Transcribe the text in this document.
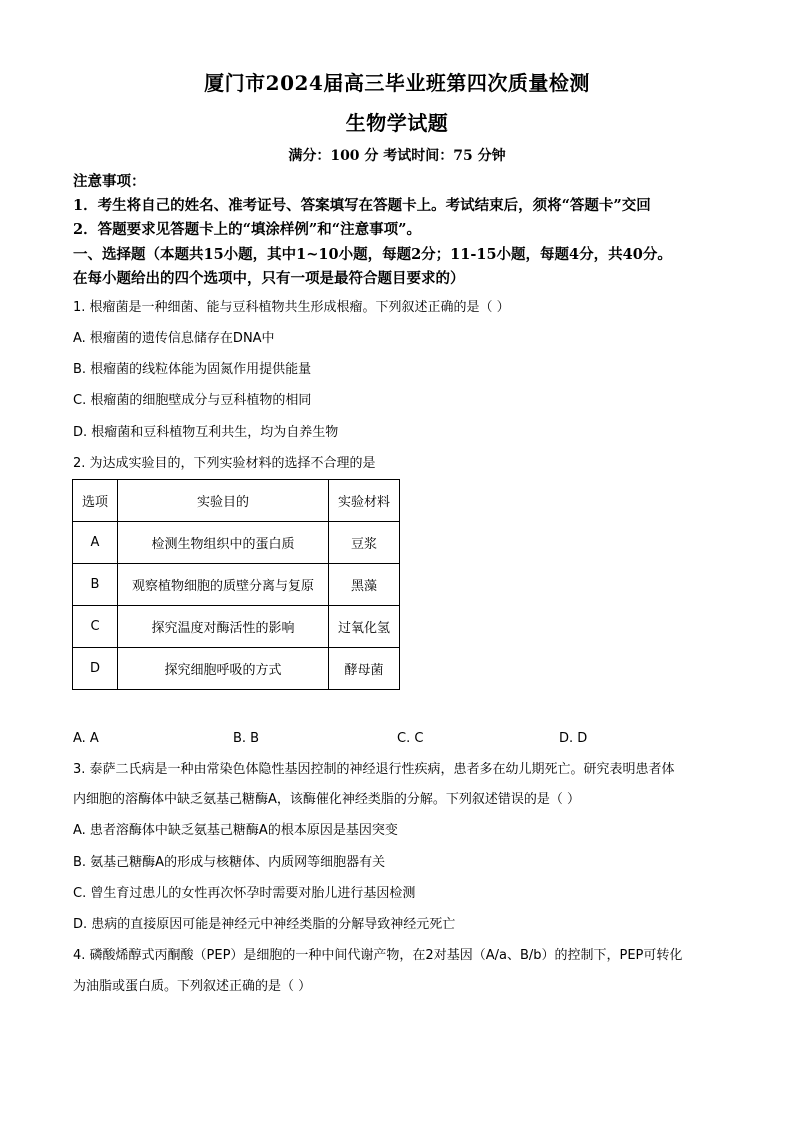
厦门市2024届高三毕业班第四次质量检测
生物学试题
满分：100 分 考试时间：75 分钟
注意事项：
1．考生将自己的姓名、准考证号、答案填写在答题卡上。考试结束后，须将“答题卡”交回
2．答题要求见答题卡上的“填涂样例”和“注意事项”。
一、选择题（本题共15小题，其中1~10小题，每题2分；11-15小题，每题4分，共40分。
在每小题给出的四个选项中，只有一项是最符合题目要求的）
1. 根瘤菌是一种细菌、能与豆科植物共生形成根瘤。下列叙述正确的是（ ）
A. 根瘤菌的遗传信息储存在DNA中
B. 根瘤菌的线粒体能为固氮作用提供能量
C. 根瘤菌的细胞壁成分与豆科植物的相同
D. 根瘤菌和豆科植物互利共生，均为自养生物
2. 为达成实验目的，下列实验材料的选择不合理的是
选项	实验目的	实验材料
A	检测生物组织中的蛋白质	豆浆
B	观察植物细胞的质壁分离与复原	黑藻
C	探究温度对酶活性的影响	过氧化氢
D	探究细胞呼吸的方式	酵母菌
A. A	B. B	C. C	D. D
3. 泰萨二氏病是一种由常染色体隐性基因控制的神经退行性疾病，患者多在幼儿期死亡。研究表明患者体
内细胞的溶酶体中缺乏氨基己糖酶A，该酶催化神经类脂的分解。下列叙述错误的是（ ）
A. 患者溶酶体中缺乏氨基己糖酶A的根本原因是基因突变
B. 氨基己糖酶A的形成与核糖体、内质网等细胞器有关
C. 曾生育过患儿的女性再次怀孕时需要对胎儿进行基因检测
D. 患病的直接原因可能是神经元中神经类脂的分解导致神经元死亡
4. 磷酸烯醇式丙酮酸（PEP）是细胞的一种中间代谢产物，在2对基因（A/a、B/b）的控制下，PEP可转化
为油脂或蛋白质。下列叙述正确的是（ ）
